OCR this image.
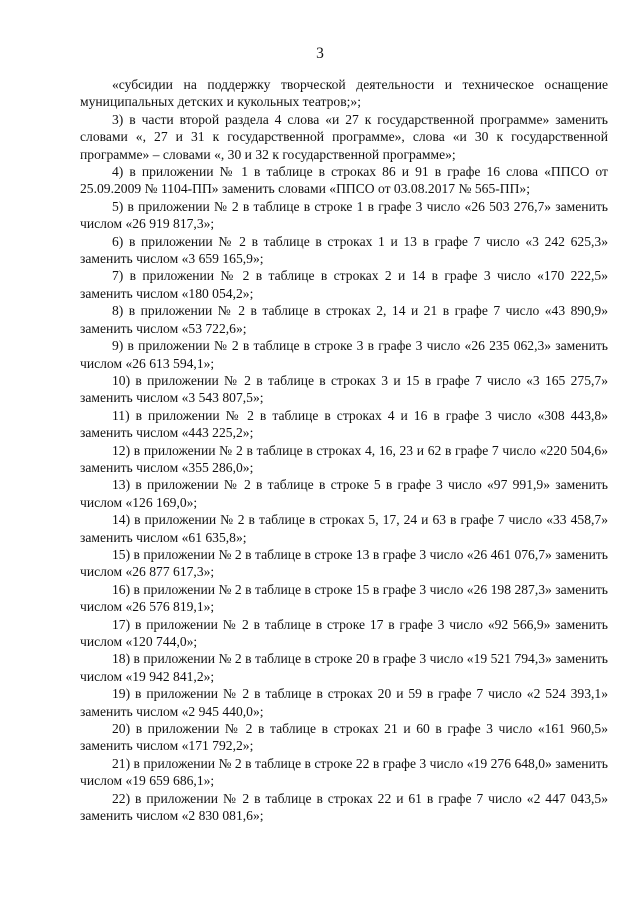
3

«субсидии на поддержку творческой деятельности и техническое оснащение муниципальных детских и кукольных театров;»;

3) в части второй раздела 4 слова «и 27 к государственной программе» заменить словами «, 27 и 31 к государственной программе», слова «и 30 к государственной программе» – словами «, 30 и 32 к государственной программе»;

4) в приложении № 1 в таблице в строках 86 и 91 в графе 16 слова «ППСО от 25.09.2009 № 1104-ПП» заменить словами «ППСО от 03.08.2017 № 565-ПП»;

5) в приложении № 2 в таблице в строке 1 в графе 3 число «26 503 276,7» заменить числом «26 919 817,3»;

6) в приложении № 2 в таблице в строках 1 и 13 в графе 7 число «3 242 625,3» заменить числом «3 659 165,9»;

7) в приложении № 2 в таблице в строках 2 и 14 в графе 3 число «170 222,5» заменить числом «180 054,2»;

8) в приложении № 2 в таблице в строках 2, 14 и 21 в графе 7 число «43 890,9» заменить числом «53 722,6»;

9) в приложении № 2 в таблице в строке 3 в графе 3 число «26 235 062,3» заменить числом «26 613 594,1»;

10) в приложении № 2 в таблице в строках 3 и 15 в графе 7 число «3 165 275,7» заменить числом «3 543 807,5»;

11) в приложении № 2 в таблице в строках 4 и 16 в графе 3 число «308 443,8» заменить числом «443 225,2»;

12) в приложении № 2 в таблице в строках 4, 16, 23 и 62 в графе 7 число «220 504,6» заменить числом «355 286,0»;

13) в приложении № 2 в таблице в строке 5 в графе 3 число «97 991,9» заменить числом «126 169,0»;

14) в приложении № 2 в таблице в строках 5, 17, 24 и 63 в графе 7 число «33 458,7» заменить числом «61 635,8»;

15) в приложении № 2 в таблице в строке 13 в графе 3 число «26 461 076,7» заменить числом «26 877 617,3»;

16) в приложении № 2 в таблице в строке 15 в графе 3 число «26 198 287,3» заменить числом «26 576 819,1»;

17) в приложении № 2 в таблице в строке 17 в графе 3 число «92 566,9» заменить числом «120 744,0»;

18) в приложении № 2 в таблице в строке 20 в графе 3 число «19 521 794,3» заменить числом «19 942 841,2»;

19) в приложении № 2 в таблице в строках 20 и 59 в графе 7 число «2 524 393,1» заменить числом «2 945 440,0»;

20) в приложении № 2 в таблице в строках 21 и 60 в графе 3 число «161 960,5» заменить числом «171 792,2»;

21) в приложении № 2 в таблице в строке 22 в графе 3 число «19 276 648,0» заменить числом «19 659 686,1»;

22) в приложении № 2 в таблице в строках 22 и 61 в графе 7 число «2 447 043,5» заменить числом «2 830 081,6»;
